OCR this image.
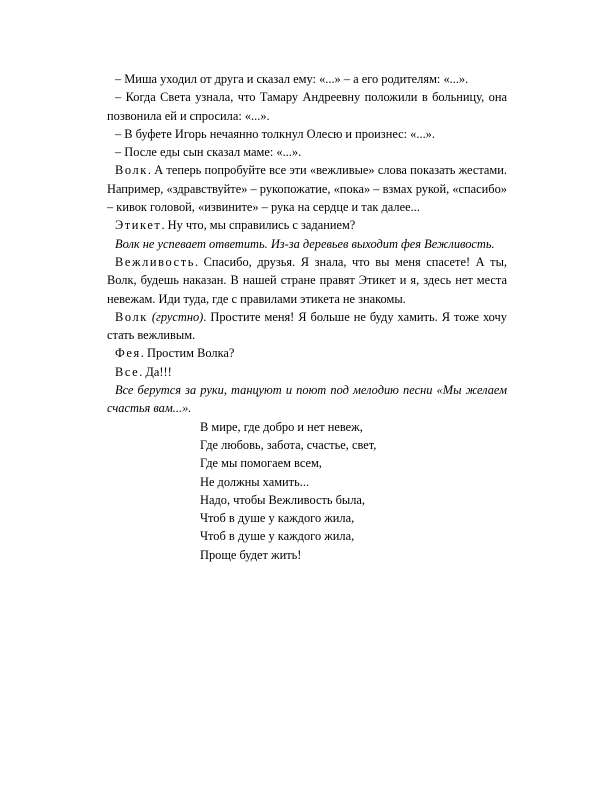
– Миша уходил от друга и сказал ему: «...» – а его родителям: «...».

– Когда Света узнала, что Тамару Андреевну положили в больницу, она позвонила ей и спросила: «...».

– В буфете Игорь нечаянно толкнул Олесю и произнес: «...».

– После еды сын сказал маме: «...».

Волк. А теперь попробуйте все эти «вежливые» слова показать жестами. Например, «здравствуйте» – рукопожатие, «пока» – взмах рукой, «спасибо» – кивок головой, «извините» – рука на сердце и так далее...

Этикет. Ну что, мы справились с заданием?

Волк не успевает ответить. Из-за деревьев выходит фея Вежливость.

Вежливость. Спасибо, друзья. Я знала, что вы меня спасете! А ты, Волк, будешь наказан. В нашей стране правят Этикет и я, здесь нет места невежам. Иди туда, где с правилами этикета не знакомы.

Волк (грустно). Простите меня! Я больше не буду хамить. Я тоже хочу стать вежливым.

Фея. Простим Волка?

Все. Да!!!

Все берутся за руки, танцуют и поют под мелодию песни «Мы желаем счастья вам...».

В мире, где добро и нет невеж,
Где любовь, забота, счастье, свет,
Где мы помогаем всем,
Не должны хамить...
Надо, чтобы Вежливость была,
Чтоб в душе у каждого жила,
Чтоб в душе у каждого жила,
Проще будет жить!
